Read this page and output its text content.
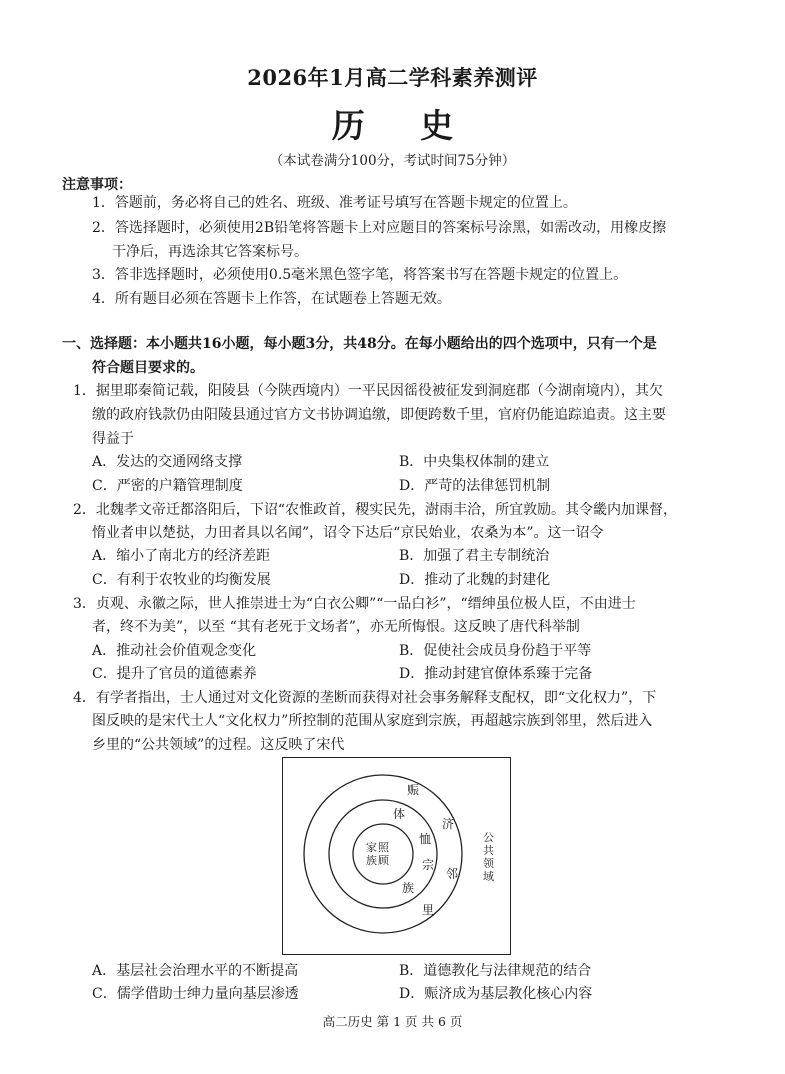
2026年1月高二学科素养测评
历 史
（本试卷满分100分，考试时间75分钟）
注意事项：
1．答题前，务必将自己的姓名、班级、准考证号填写在答题卡规定的位置上。
2．答选择题时，必须使用2B铅笔将答题卡上对应题目的答案标号涂黑，如需改动，用橡皮擦
干净后，再选涂其它答案标号。
3．答非选择题时，必须使用0.5毫米黑色签字笔，将答案书写在答题卡规定的位置上。
4．所有题目必须在答题卡上作答，在试题卷上答题无效。
一、选择题：本小题共16小题，每小题3分，共48分。在每小题给出的四个选项中，只有一个是
符合题目要求的。
1．据里耶秦简记载，阳陵县（今陕西境内）一平民因徭役被征发到洞庭郡（今湖南境内），其欠
缴的政府钱款仍由阳陵县通过官方文书协调追缴，即便跨数千里，官府仍能追踪追责。这主要
得益于
A．发达的交通网络支撑	B．中央集权体制的建立
C．严密的户籍管理制度	D．严苛的法律惩罚机制
2．北魏孝文帝迁都洛阳后，下诏“农惟政首，稷实民先，澍雨丰洽，所宜敦励。其令畿内加课督，
惰业者申以楚挞，力田者具以名闻”，诏令下达后“京民始业，农桑为本”。这一诏令
A．缩小了南北方的经济差距	B．加强了君主专制统治
C．有利于农牧业的均衡发展	D．推动了北魏的封建化
3．贞观、永徽之际，世人推崇进士为“白衣公卿”“一品白衫”，“缙绅虽位极人臣，不由进士
者，终不为美”，以至 “其有老死于文场者”，亦无所悔恨。这反映了唐代科举制
A．推动社会价值观念变化	B．促使社会成员身份趋于平等
C．提升了官员的道德素养	D．推动封建官僚体系臻于完备
4．有学者指出，士人通过对文化资源的垄断而获得对社会事务解释支配权，即“文化权力”，下
图反映的是宋代士人“文化权力”所控制的范围从家庭到宗族，再超越宗族到邻里，然后进入
乡里的“公共领域”的过程。这反映了宋代
照顾
家族
体
恤
宗
族
赈
济
邻
里
公共领域
A．基层社会治理水平的不断提高	B．道德教化与法律规范的结合
C．儒学借助士绅力量向基层渗透	D．赈济成为基层教化核心内容
高二历史 第 1 页 共 6 页
